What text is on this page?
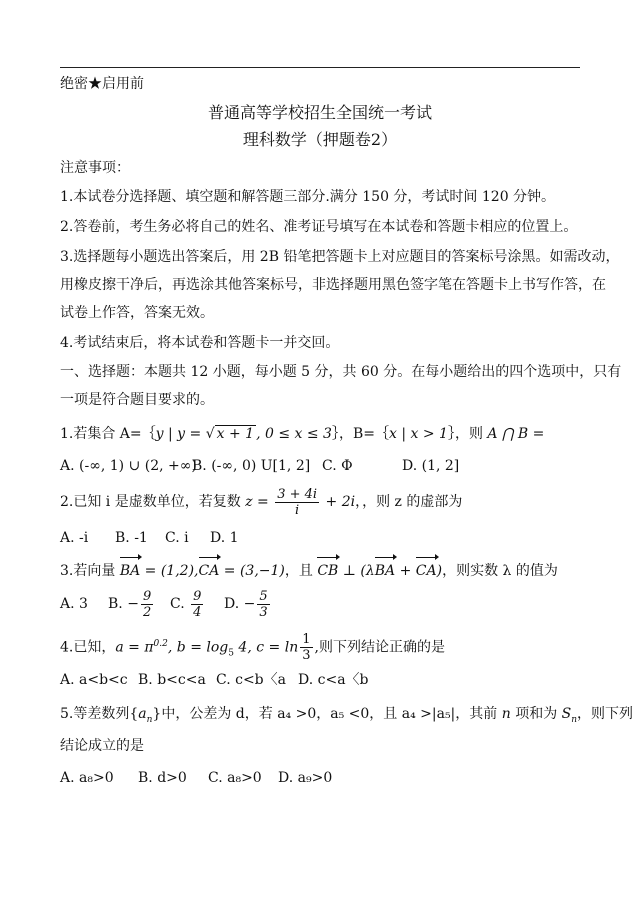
绝密★启用前
普通高等学校招生全国统一考试
理科数学（押题卷2）
注意事项：
1.本试卷分选择题、填空题和解答题三部分.满分 150 分，考试时间 120 分钟。
2.答卷前，考生务必将自己的姓名、准考证号填写在本试卷和答题卡相应的位置上。
3.选择题每小题选出答案后，用 2B 铅笔把答题卡上对应题目的答案标号涂黑。如需改动，
用橡皮擦干净后，再选涂其他答案标号，非选择题用黑色签字笔在答题卡上书写作答，在
试卷上作答，答案无效。
4.考试结束后，将本试卷和答题卡一并交回。
一、选择题：本题共 12 小题，每小题 5 分，共 60 分。在每小题给出的四个选项中，只有
一项是符合题目要求的。
1.若集合 A=｛y | y = √ x + 1 , 0 ≤ x ≤ 3｝，B=｛x | x > 1｝，则 A ⋂ B =
A. (-∞, 1) ∪ (2, +∞)B. (-∞, 0) U[1, 2] C. Φ	D. (1, 2]
2.已知 i 是虚数单位，若复数 $z = \frac{3 + 4i}{i} + 2i$，，则 z 的虚部为
A. -i B. -1 C. i D. 1
3.若向量 BA = (1,2),CA = (3,−1)，且 CB ⊥ (λBA + CA)，则实数 λ 的值为
A. 3 B. − $\frac{9}{2} C$. $\frac{9}{4} D$. − $\frac{5}{3}$
4.已知，$a = \pi^{0.2}$, $b = \log_5 4$, $c = \ln \frac{1}{3}$ ,则下列结论正确的是
A. a<b<c B. b<c<a C. c<b〈a D. c<a〈b
5.等差数列$\{a_n\}$中，公差为 d，若 a₄ >0，a₅ <0，且 a₄ >|a₅|，其前 n 项和为 $S_n$，则下列
结论成立的是
A. a₈>0 B. d>0 C. a₈>0 D. a₉>0
